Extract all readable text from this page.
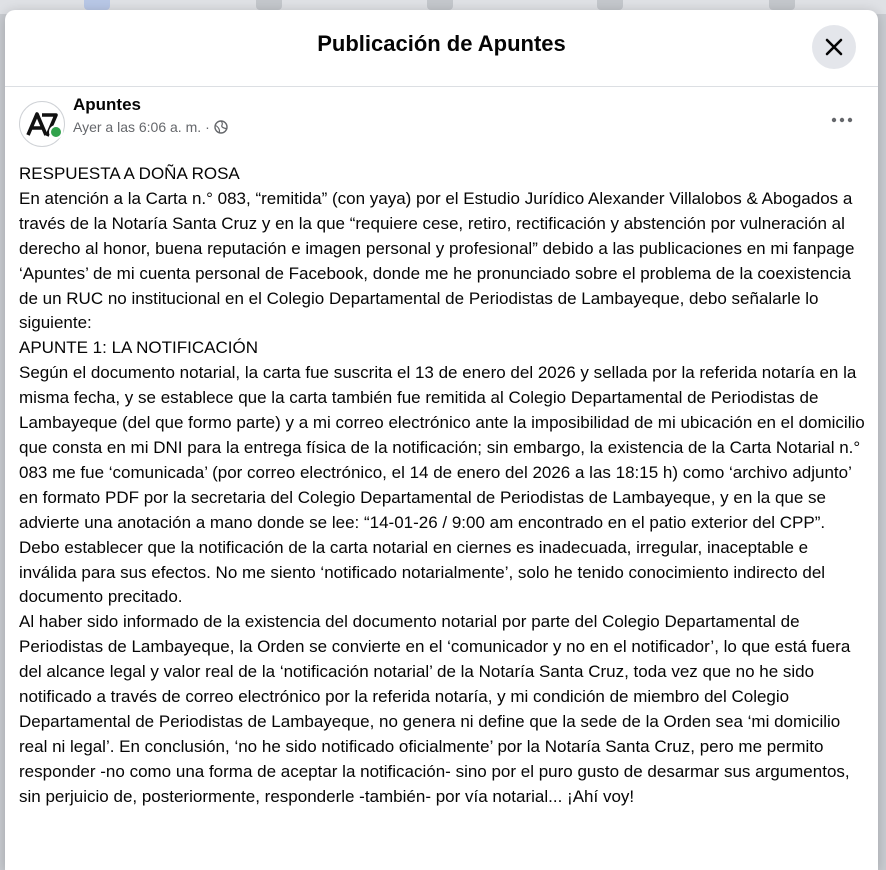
Publicación de Apuntes
Apuntes
Ayer a las 6:06 a. m. ·

RESPUESTA A DOÑA ROSA

En atención a la Carta n.° 083, “remitida” (con yaya) por el Estudio Jurídico Alexander Villalobos & Abogados a través de la Notaría Santa Cruz y en la que “requiere cese, retiro, rectificación y abstención por vulneración al derecho al honor, buena reputación e imagen personal y profesional” debido a las publicaciones en mi fanpage ‘Apuntes’ de mi cuenta personal de Facebook, donde me he pronunciado sobre el problema de la coexistencia de un RUC no institucional en el Colegio Departamental de Periodistas de Lambayeque, debo señalarle lo siguiente:

APUNTE 1: LA NOTIFICACIÓN

Según el documento notarial, la carta fue suscrita el 13 de enero del 2026 y sellada por la referida notaría en la misma fecha, y se establece que la carta también fue remitida al Colegio Departamental de Periodistas de Lambayeque (del que formo parte) y a mi correo electrónico ante la imposibilidad de mi ubicación en el domicilio que consta en mi DNI para la entrega física de la notificación; sin embargo, la existencia de la Carta Notarial n.° 083 me fue ‘comunicada’ (por correo electrónico, el 14 de enero del 2026 a las 18:15 h) como ‘archivo adjunto’ en formato PDF por la secretaria del Colegio Departamental de Periodistas de Lambayeque, y en la que se advierte una anotación a mano donde se lee: “14-01-26 / 9:00 am encontrado en el patio exterior del CPP”.

Debo establecer que la notificación de la carta notarial en ciernes es inadecuada, irregular, inaceptable e inválida para sus efectos. No me siento ‘notificado notarialmente’, solo he tenido conocimiento indirecto del documento precitado.

Al haber sido informado de la existencia del documento notarial por parte del Colegio Departamental de Periodistas de Lambayeque, la Orden se convierte en el ‘comunicador y no en el notificador’, lo que está fuera del alcance legal y valor real de la ‘notificación notarial’ de la Notaría Santa Cruz, toda vez que no he sido notificado a través de correo electrónico por la referida notaría, y mi condición de miembro del Colegio Departamental de Periodistas de Lambayeque, no genera ni define que la sede de la Orden sea ‘mi domicilio real ni legal’. En conclusión, ‘no he sido notificado oficialmente’ por la Notaría Santa Cruz, pero me permito responder -no como una forma de aceptar la notificación- sino por el puro gusto de desarmar sus argumentos, sin perjuicio de, posteriormente, responderle -también- por vía notarial... ¡Ahí voy!
